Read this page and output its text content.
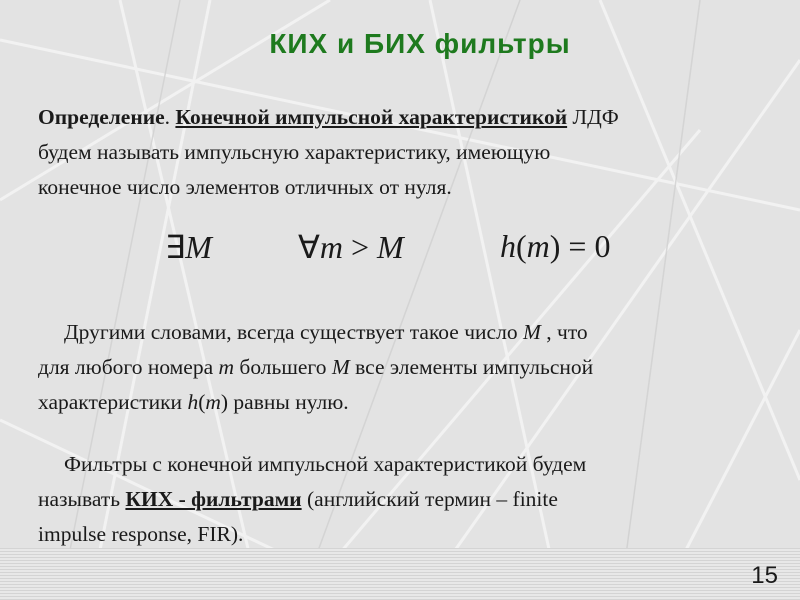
КИХ и БИХ фильтры
Определение. Конечной импульсной характеристикой ЛДФ
будем называть импульсную характеристику, имеющую
конечное число элементов отличных от нуля.
∃M	∀m > M	h(m) = 0
Другими словами, всегда существует такое число M , что
для любого номера m большего M все элементы импульсной
характеристики h(m) равны нулю.
Фильтры с конечной импульсной характеристикой будем
называть КИХ - фильтрами (английский термин – finite
impulse response, FIR).
15
